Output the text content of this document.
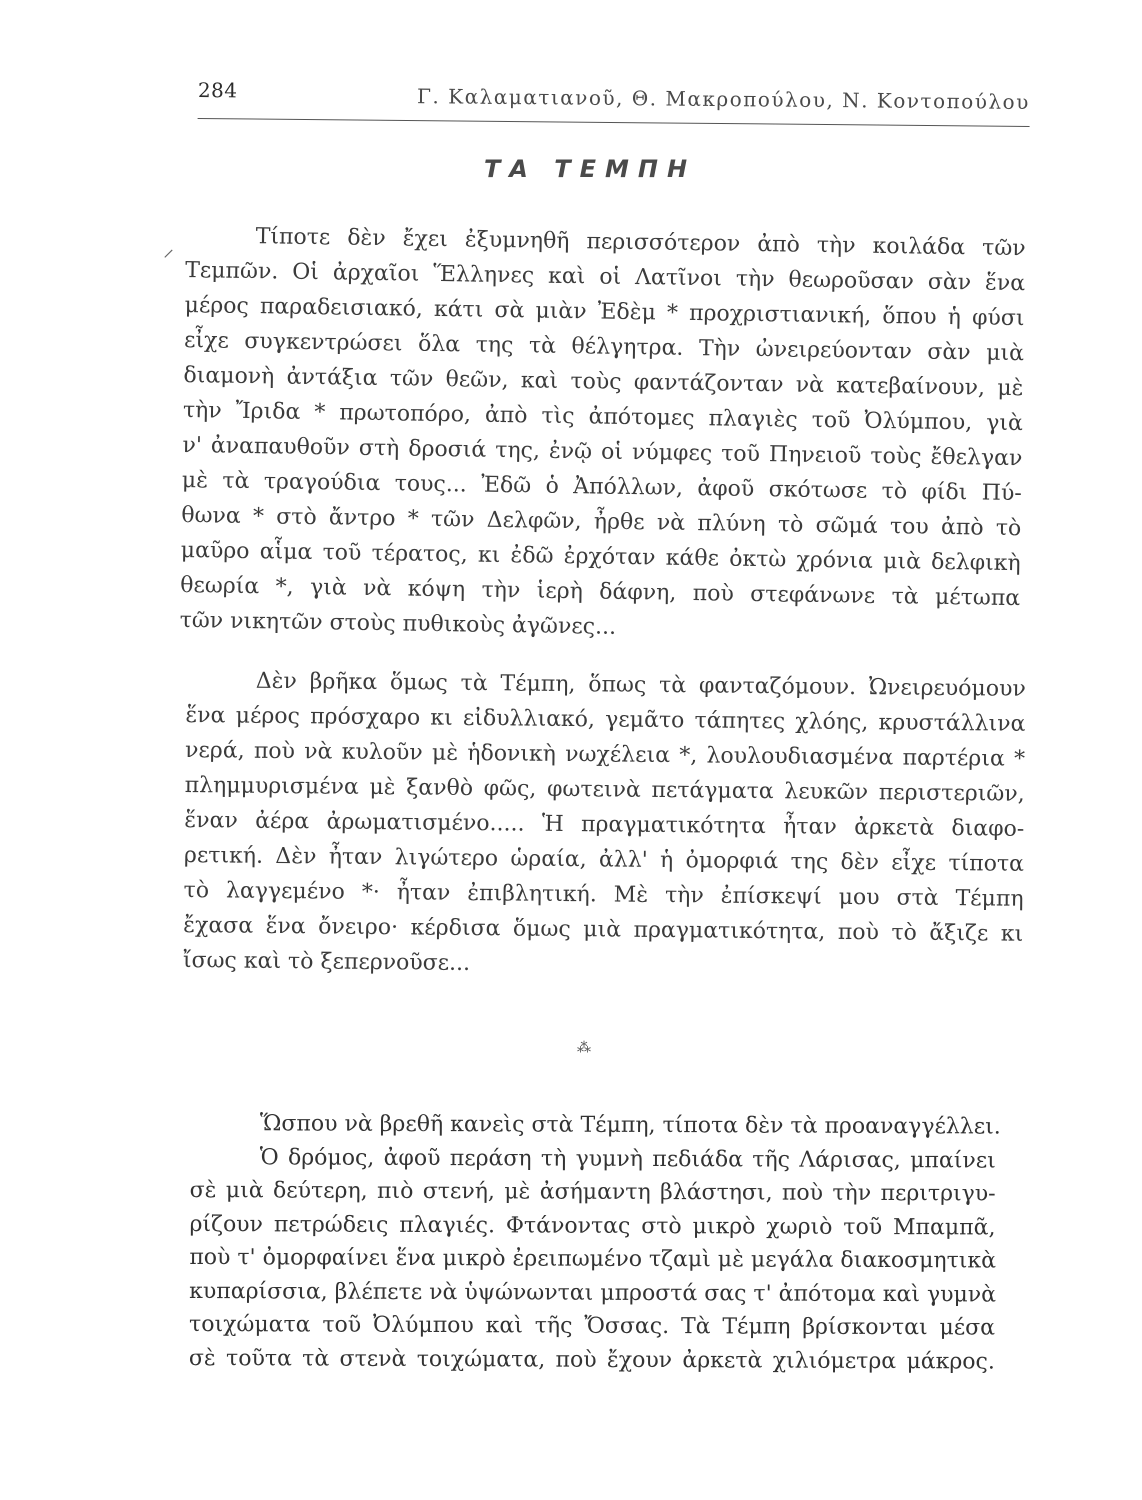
284	Γ. Καλαματιανοῦ, Θ. Μακροπούλου, Ν. Κοντοπούλου
ΤΑ ΤΕΜΠΗ
⸝	Τίποτε δὲν ἔχει ἐξυμνηθῆ περισσότερον ἀπὸ τὴν κοιλάδα τῶν
Τεμπῶν. Οἱ ἀρχαῖοι Ἕλληνες καὶ οἱ Λατῖνοι τὴν θεωροῦσαν σὰν ἕνα
μέρος παραδεισιακό, κάτι σὰ μιὰν Ἐδὲμ * προχριστιανική, ὅπου ἡ φύσι
εἶχε συγκεντρώσει ὅλα της τὰ θέλγητρα. Τὴν ὠνειρεύονταν σὰν μιὰ
διαμονὴ ἀντάξια τῶν θεῶν, καὶ τοὺς φαντάζονταν νὰ κατεβαίνουν, μὲ
τὴν Ἴριδα * πρωτοπόρο, ἀπὸ τὶς ἀπότομες πλαγιὲς τοῦ Ὀλύμπου, γιὰ
ν' ἀναπαυθοῦν στὴ δροσιά της, ἐνῷ οἱ νύμφες τοῦ Πηνειοῦ τοὺς ἔθελγαν
μὲ τὰ τραγούδια τους... Ἐδῶ ὁ Ἀπόλλων, ἀφοῦ σκότωσε τὸ φίδι Πύ-
θωνα * στὸ ἄντρο * τῶν Δελφῶν, ἦρθε νὰ πλύνη τὸ σῶμά του ἀπὸ τὸ
μαῦρο αἷμα τοῦ τέρατος, κι ἐδῶ ἐρχόταν κάθε ὀκτὼ χρόνια μιὰ δελφικὴ
θεωρία *, γιὰ νὰ κόψη τὴν ἱερὴ δάφνη, ποὺ στεφάνωνε τὰ μέτωπα
τῶν νικητῶν στοὺς πυθικοὺς ἀγῶνες...
Δὲν βρῆκα ὅμως τὰ Τέμπη, ὅπως τὰ φανταζόμουν. Ὠνειρευόμουν
ἕνα μέρος πρόσχαρο κι εἰδυλλιακό, γεμᾶτο τάπητες χλόης, κρυστάλλινα
νερά, ποὺ νὰ κυλοῦν μὲ ἡδονικὴ νωχέλεια *, λουλουδιασμένα παρτέρια *
πλημμυρισμένα μὲ ξανθὸ φῶς, φωτεινὰ πετάγματα λευκῶν περιστεριῶν,
ἕναν ἀέρα ἀρωματισμένο..... Ἡ πραγματικότητα ἦταν ἀρκετὰ διαφο-
ρετική. Δὲν ἦταν λιγώτερο ὡραία, ἀλλ' ἡ ὀμορφιά της δὲν εἶχε τίποτα
τὸ λαγγεμένο *· ἦταν ἐπιβλητική. Μὲ τὴν ἐπίσκεψί μου στὰ Τέμπη
ἔχασα ἕνα ὄνειρο· κέρδισα ὅμως μιὰ πραγματικότητα, ποὺ τὸ ἄξιζε κι
ἴσως καὶ τὸ ξεπερνοῦσε...
⁂
Ὥσπου νὰ βρεθῆ κανεὶς στὰ Τέμπη, τίποτα δὲν τὰ προαναγγέλλει.
Ὁ δρόμος, ἀφοῦ περάση τὴ γυμνὴ πεδιάδα τῆς Λάρισας, μπαίνει
σὲ μιὰ δεύτερη, πιὸ στενή, μὲ ἀσήμαντη βλάστησι, ποὺ τὴν περιτριγυ-
ρίζουν πετρώδεις πλαγιές. Φτάνοντας στὸ μικρὸ χωριὸ τοῦ Μπαμπᾶ,
ποὺ τ' ὀμορφαίνει ἕνα μικρὸ ἐρειπωμένο τζαμὶ μὲ μεγάλα διακοσμητικὰ
κυπαρίσσια, βλέπετε νὰ ὑψώνωνται μπροστά σας τ' ἀπότομα καὶ γυμνὰ
τοιχώματα τοῦ Ὀλύμπου καὶ τῆς Ὄσσας. Τὰ Τέμπη βρίσκονται μέσα
σὲ τοῦτα τὰ στενὰ τοιχώματα, ποὺ ἔχουν ἀρκετὰ χιλιόμετρα μάκρος.
